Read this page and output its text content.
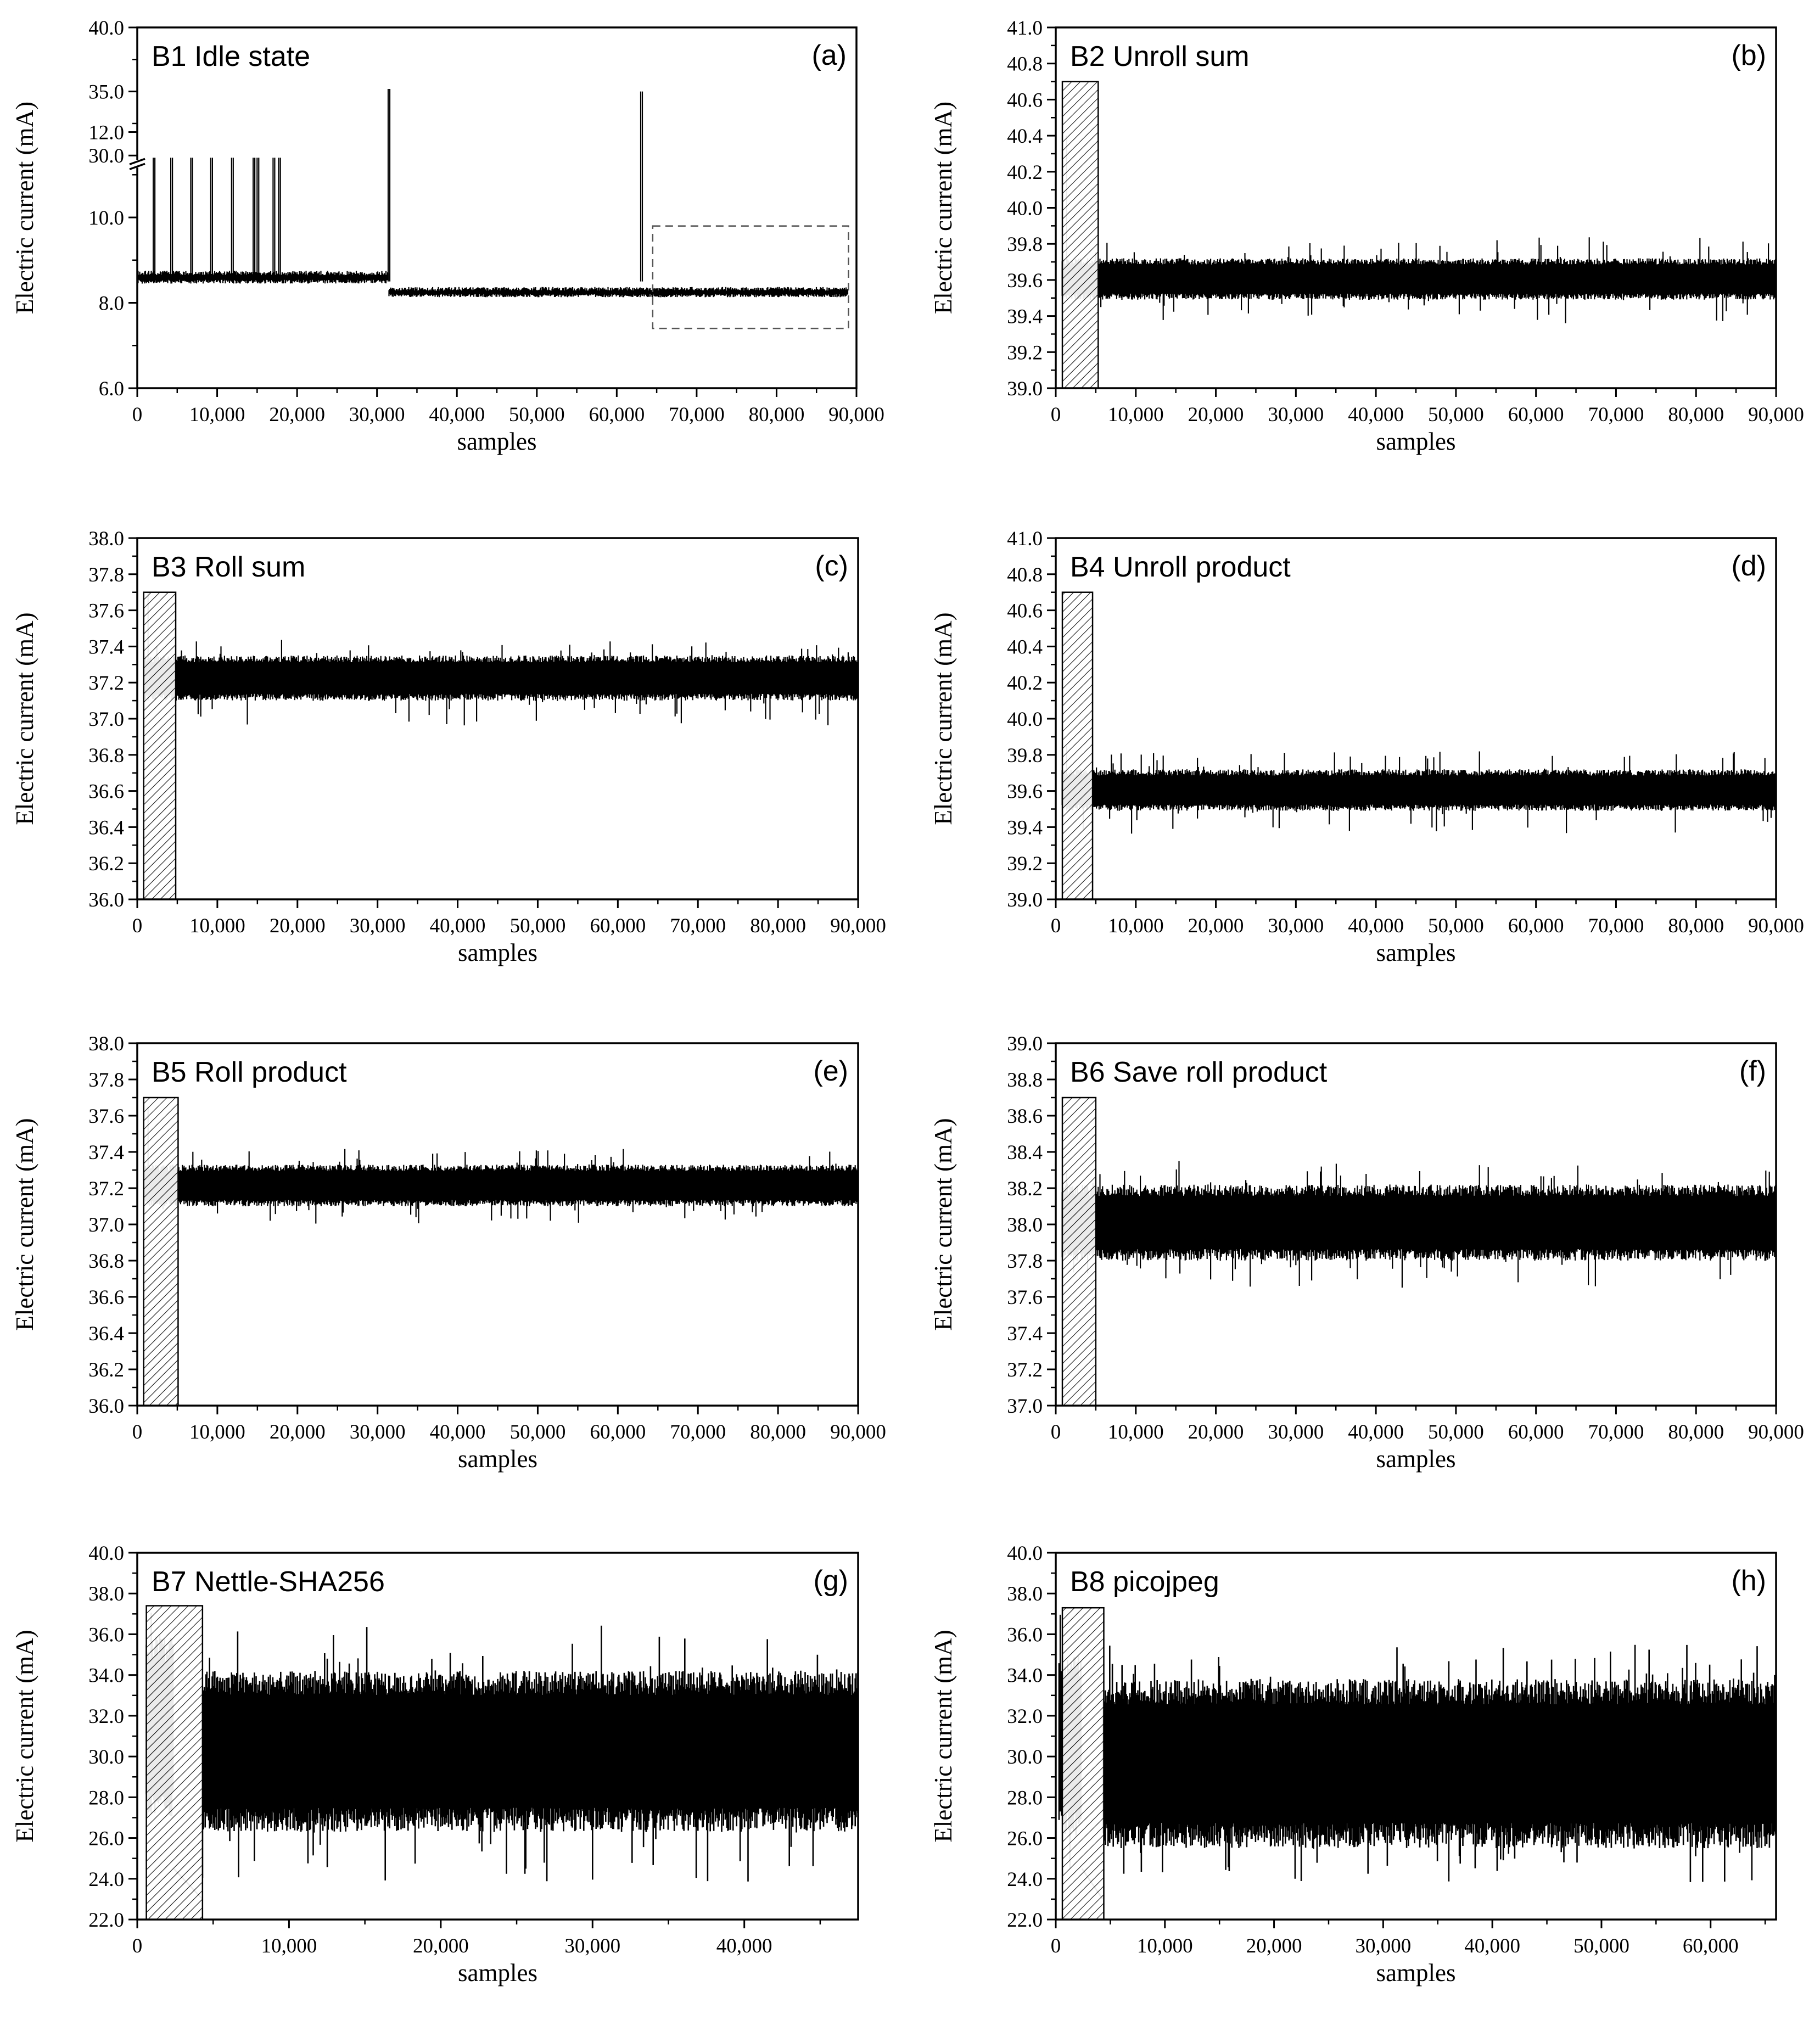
0 10,000 20,000 30,000 40,000 50,000 60,000 70,000 80,000 90,000
samples
6.0
8.0
10.0
12.0
30.0
35.0
40.0
Electric current (mA)
B1 Idle state	(a)
0 10,000 20,000 30,000 40,000 50,000 60,000 70,000 80,000 90,000
samples
39.0
39.2
39.4
39.6
39.8
40.0
40.2
40.4
40.6
40.8
41.0
Electric current (mA)
B2 Unroll sum	(b)
0 10,000 20,000 30,000 40,000 50,000 60,000 70,000 80,000 90,000
samples
36.0
36.2
36.4
36.6
36.8
37.0
37.2
37.4
37.6
37.8
38.0
Electric current (mA)
B3 Roll sum	(c)
0 10,000 20,000 30,000 40,000 50,000 60,000 70,000 80,000 90,000
samples
39.0
39.2
39.4
39.6
39.8
40.0
40.2
40.4
40.6
40.8
41.0
Electric current (mA)
B4 Unroll product	(d)
0 10,000 20,000 30,000 40,000 50,000 60,000 70,000 80,000 90,000
samples
36.0
36.2
36.4
36.6
36.8
37.0
37.2
37.4
37.6
37.8
38.0
Electric current (mA)
B5 Roll product	(e)
0 10,000 20,000 30,000 40,000 50,000 60,000 70,000 80,000 90,000
samples
37.0
37.2
37.4
37.6
37.8
38.0
38.2
38.4
38.6
38.8
39.0
Electric current (mA)
B6 Save roll product	(f)
0	10,000	20,000	30,000	40,000
samples
22.0
24.0
26.0
28.0
30.0
32.0
34.0
36.0
38.0
40.0
Electric current (mA)
B7 Nettle-SHA256	(g)
0	10,000	20,000	30,000	40,000	50,000	60,000
samples
22.0
24.0
26.0
28.0
30.0
32.0
34.0
36.0
38.0
40.0
Electric current (mA)
B8 picojpeg	(h)
